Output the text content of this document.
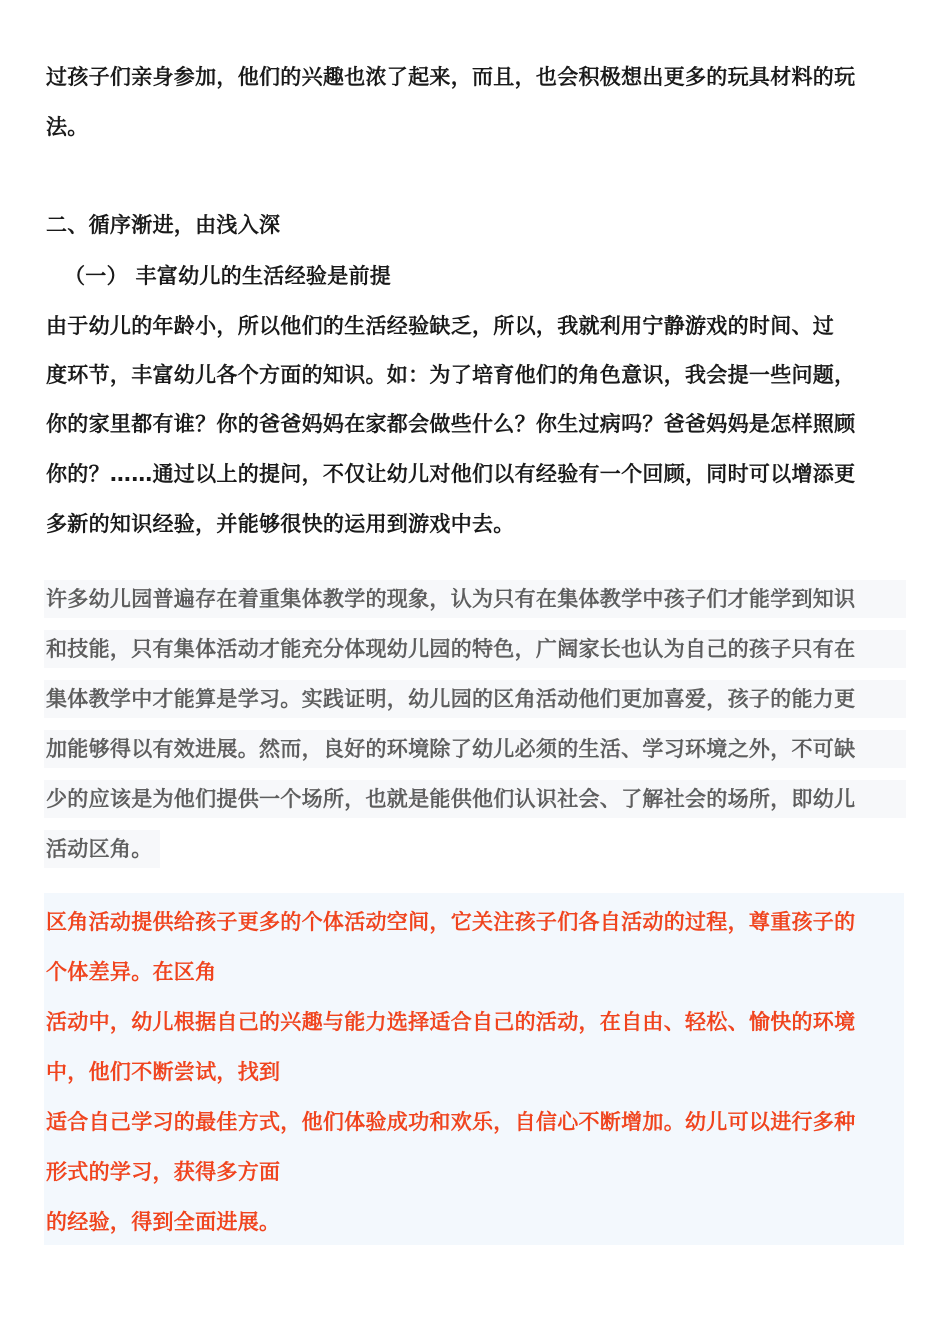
过孩子们亲身参加，他们的兴趣也浓了起来，而且，也会积极想出更多的玩具材料的玩
法。
二、循序渐进，由浅入深
（一） 丰富幼儿的生活经验是前提
由于幼儿的年龄小，所以他们的生活经验缺乏，所以，我就利用宁静游戏的时间、过
度环节，丰富幼儿各个方面的知识。如：为了培育他们的角色意识，我会提一些问题，
你的家里都有谁？你的爸爸妈妈在家都会做些什么？你生过病吗？爸爸妈妈是怎样照顾
你的？……通过以上的提问，不仅让幼儿对他们以有经验有一个回顾，同时可以增添更
多新的知识经验，并能够很快的运用到游戏中去。
许多幼儿园普遍存在着重集体教学的现象，认为只有在集体教学中孩子们才能学到知识
和技能，只有集体活动才能充分体现幼儿园的特色，广阔家长也认为自己的孩子只有在
集体教学中才能算是学习。实践证明，幼儿园的区角活动他们更加喜爱，孩子的能力更
加能够得以有效进展。然而，良好的环境除了幼儿必须的生活、学习环境之外，不可缺
少的应该是为他们提供一个场所，也就是能供他们认识社会、了解社会的场所，即幼儿
活动区角。
区角活动提供给孩子更多的个体活动空间，它关注孩子们各自活动的过程，尊重孩子的
个体差异。在区角
活动中，幼儿根据自己的兴趣与能力选择适合自己的活动，在自由、轻松、愉快的环境
中，他们不断尝试，找到
适合自己学习的最佳方式，他们体验成功和欢乐，自信心不断增加。幼儿可以进行多种
形式的学习，获得多方面
的经验，得到全面进展。
